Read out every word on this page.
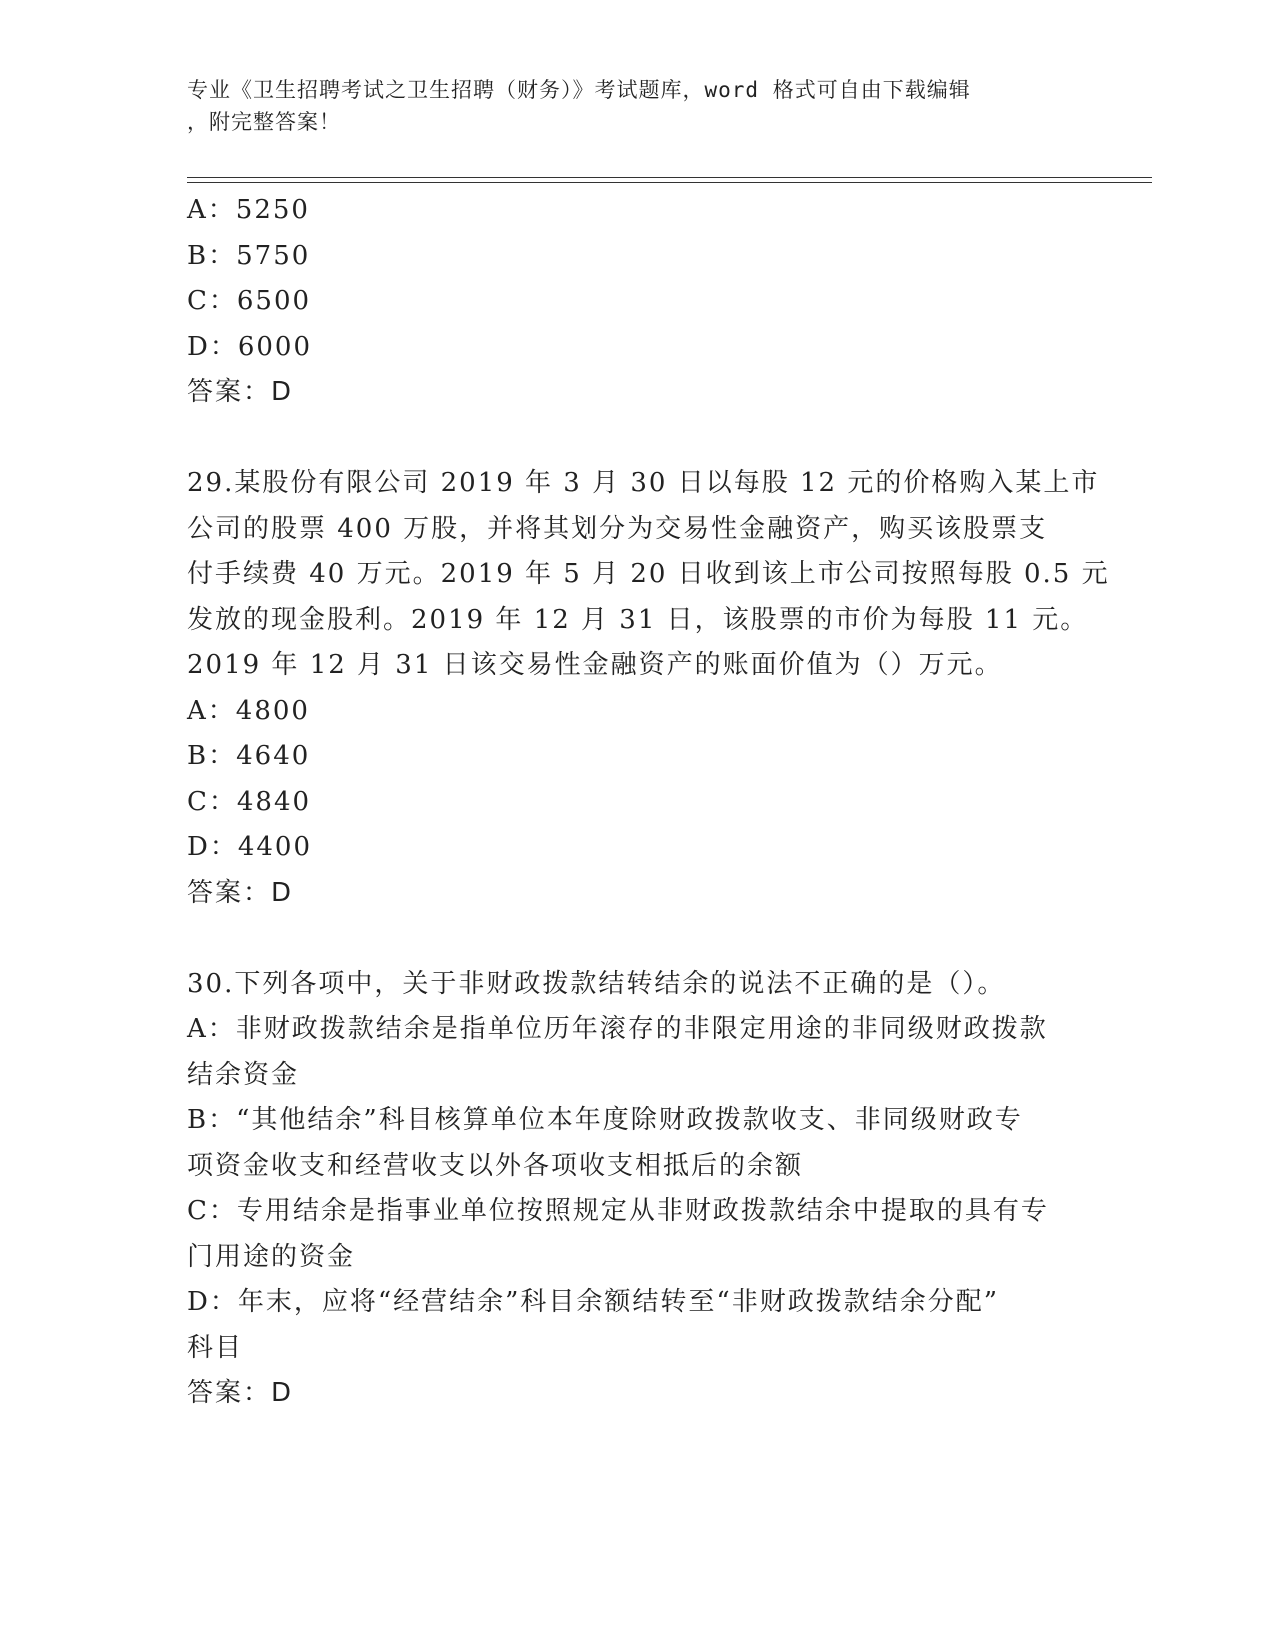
专业《卫生招聘考试之卫生招聘（财务）》考试题库，word 格式可自由下载编辑
，附完整答案！
A：5250
B：5750
C：6500
D：6000
答案：D
29.某股份有限公司 2019 年 3 月 30 日以每股 12 元的价格购入某上市
公司的股票 400 万股，并将其划分为交易性金融资产，购买该股票支
付手续费 40 万元。2019 年 5 月 20 日收到该上市公司按照每股 0.5 元
发放的现金股利。2019 年 12 月 31 日，该股票的市价为每股 11 元。
2019 年 12 月 31 日该交易性金融资产的账面价值为（）万元。
A：4800
B：4640
C：4840
D：4400
答案：D
30.下列各项中，关于非财政拨款结转结余的说法不正确的是（）。
A：非财政拨款结余是指单位历年滚存的非限定用途的非同级财政拨款
结余资金
B：“其他结余”科目核算单位本年度除财政拨款收支、非同级财政专
项资金收支和经营收支以外各项收支相抵后的余额
C：专用结余是指事业单位按照规定从非财政拨款结余中提取的具有专
门用途的资金
D：年末，应将“经营结余”科目余额结转至“非财政拨款结余分配”
科目
答案：D
